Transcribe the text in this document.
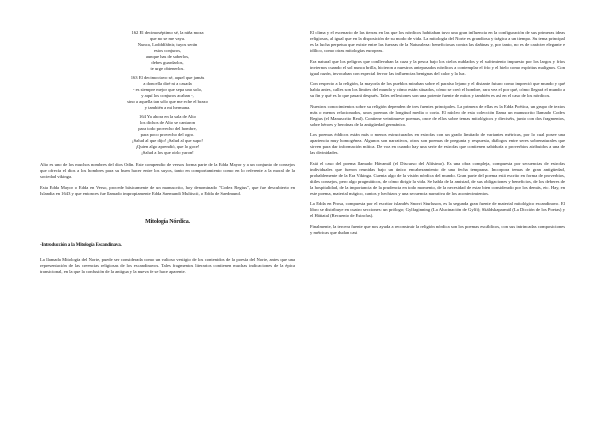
162 El decimoséptimo sé, la niña moza
que no se me vaya.
Nunca, Lodddfáfnir, tuyos serán
estos conjuros,
aunque has de saberlos,
debes guardarlos,
te urge obtenerlos.
163 El decimoctavo sé, aquel que jamás
a doncella diré ni a casada
- es siempre mejor que sepa uno solo,
y aquí los conjuros acaban -,
sino a aquella tan sólo que me eche el brazo
y también a mi hermana.
164 Ya ahora en la sala de Alto
los dichos de Alto se cantaron
para todo provecho del hombre,
para poco provecho del ogro.
¡Salud al que dijo! ¡Salud al que supo!
¡Quien algo aprendió, que lo goce!
¡Salud a los que oirlo yaron!

Alto es uno de los muchos nombres del dios Odín. Este compendio de versos forma parte de la Edda Mayor y a un conjunto de consejos que ofrecía el dios a los hombres para su buen hacer entre los suyos, tanto en comportamiento como en lo referente a la moral de la sociedad vikinga.

Esta Edda Mayor o Edda en Verso, procede básicamente de un manuscrito, hoy denominado "Codex Regius", que fue descubierto en Islandia en 1643 y que entonces fue llamado impropiamente Edda Saemundi Multiscii, o Edda de Saedmund.

Mitología Nórdica.
-Introducción a la Mitología Escandinava.

La llamada Mitología del Norte, puede ser considerada como un valioso vestigio de los contenidos de la poesía del Norte, antes que una representación de las creencias religiosas de los escandinavos. Tales fragmentos literarios contienen muchas indicaciones de la épica transicional, en la que la confusión de la antigua y la nueva fe se hace aparente.

El clima y el escenario de las tierras en las que los nórdicos habitaban tuvo una gran influencia en la configuración de sus primeras ideas religiosas, al igual que en la disposición de su modo de vida. La mitología del Norte es grandiosa y trágica a un tiempo. Su tema principal es la lucha perpetua que existe entre las fuerzas de la Naturaleza: beneficiosas contra las dañinas y, por tanto, no es de carácter elegante e idílico, como otras mitologías europeas.

Era natural que los peligros que conllevaban la caza y la pesca bajo los cielos nublados y el sufrimiento impuesto por los largos y fríos inviernos cuando el sol nunca brilla, hicieron a nuestros antepasados nórdicos a contemplar el frío y el hielo como espíritus malignos. Con igual razón, invocaban con especial fervor las influencias benignas del calor y la luz.

Con respecto a la religión, la mayoría de los pueblos miraban sobre el paraíso lejano y el distante futuro como impreció que mundo y qué había antes, calles son los límites del mundo y cómo están situados, cómo se creó el hombre, rara vez el por qué, cómo llegará el mundo a su fin y qué es lo que pasará después. Tales reflexiones son una potente fuente de mitos y también es así en el caso de los nórdicos.

Nuestros conocimientos sobre su religión dependen de tres fuentes principales. La primera de ellas es la Edda Poética, un grupo de textos más o menos relacionados, unos poemas de longitud media o corta. El núcleo de esta colección llama un manuscrito llamado Codex Regius (el Manuscrito Real). Contiene veintinueve poemas, once de ellos sobre temas mitológicos y dieciséis, junto con dos fragmentos, sobre héroes y heroínas de la antigüedad germánica.

Los poemas éddicos están más o menos estructurados en estrofas con un grado limitado de variantes métricas, por lo cual posee una apariencia muy homogénea. Algunos son narrativos, otros son poemas de pregunta y respuesta, diálogos entre seres sobrenaturales que sirven para dar información mítica. De voz en cuando hay una serie de estrofas que contienen sabiduría o proverbios atribuidos a una de las divinidades.

Está el caso del poema llamado Hávamál (el Discurso del Altísimo). Es una obra compleja, compuesta por secuencias de estrofas individuales que fueron reunidas bajo un único encabezamiento de una fecha temprana. Incorpora temas de gran antigüedad, probablemente de la Era Vikinga. Cuenta algo de la visión nórdica del mundo. Gran parte del poema está escrito en forma de proverbios, útiles consejos, pero algo pragmáticos, de cómo dirigir la vida. Se habla de la amistad, de sus obligaciones y beneficios, de los deberes de la hospitalidad, de la importancia de la prudencia en todo momento, de la necesidad de estar bien considerado por los demás, etc. Hay, en este poema, material mágico, cantos y hechizos y una secuencia narrativa de los acontecimientos.

La Edda en Prosa, compuesta por el escritor islandés Snorri Sturluson, es la segunda gran fuente de material mitológico escandinavo. El libro se distribuye en cuatro secciones: un prólogo; Gylfaginning (La Alucinación de Gylfi); Skáldskaparmál (La Dicción de los Poetas) y el Háttatal (Recuento de Estrofas).

Finalmente, la tercera fuente que nos ayuda a reconstruir la religión nórdica son los poemas escáldicos, con sus intrincadas composiciones y métricas que dudan casi
